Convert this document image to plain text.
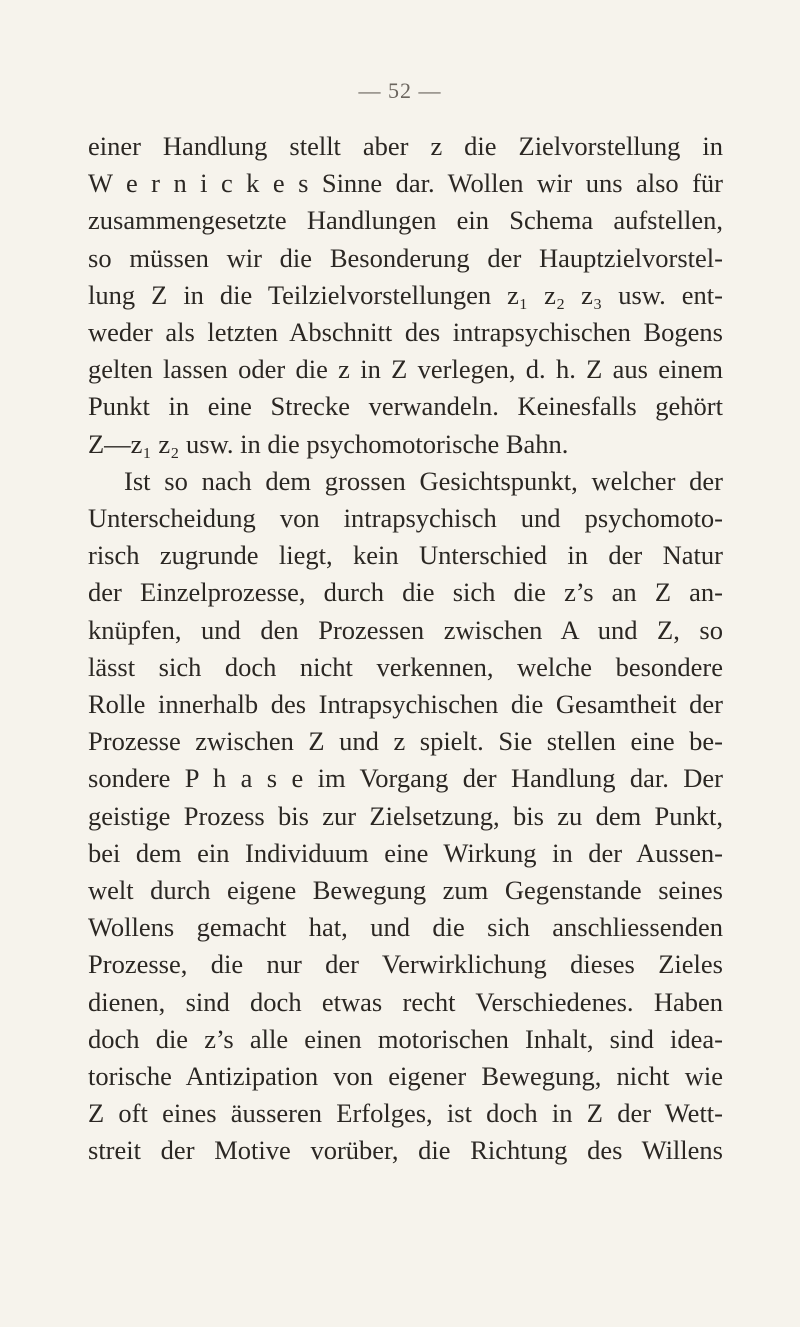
— 52 —
einer Handlung stellt aber z die Zielvorstellung in
W e r n i c k e s Sinne dar. Wollen wir uns also für
zusammengesetzte Handlungen ein Schema aufstellen,
so müssen wir die Besonderung der Hauptzielvorstel-
lung Z in die Teilzielvorstellungen z₁ z₂ z₃ usw. ent-
weder als letzten Abschnitt des intrapsychischen Bogens
gelten lassen oder die z in Z verlegen, d. h. Z aus einem
Punkt in eine Strecke verwandeln. Keinesfalls gehört
Z—z₁ z₂ usw. in die psychomotorische Bahn.
Ist so nach dem grossen Gesichtspunkt, welcher der
Unterscheidung von intrapsychisch und psychomoto-
risch zugrunde liegt, kein Unterschied in der Natur
der Einzelprozesse, durch die sich die z’s an Z an-
knüpfen, und den Prozessen zwischen A und Z, so
lässt sich doch nicht verkennen, welche besondere
Rolle innerhalb des Intrapsychischen die Gesamtheit der
Prozesse zwischen Z und z spielt. Sie stellen eine be-
sondere P h a s e im Vorgang der Handlung dar. Der
geistige Prozess bis zur Zielsetzung, bis zu dem Punkt,
bei dem ein Individuum eine Wirkung in der Aussen-
welt durch eigene Bewegung zum Gegenstande seines
Wollens gemacht hat, und die sich anschliessenden
Prozesse, die nur der Verwirklichung dieses Zieles
dienen, sind doch etwas recht Verschiedenes. Haben
doch die z’s alle einen motorischen Inhalt, sind idea-
torische Antizipation von eigener Bewegung, nicht wie
Z oft eines äusseren Erfolges, ist doch in Z der Wett-
streit der Motive vorüber, die Richtung des Willens
